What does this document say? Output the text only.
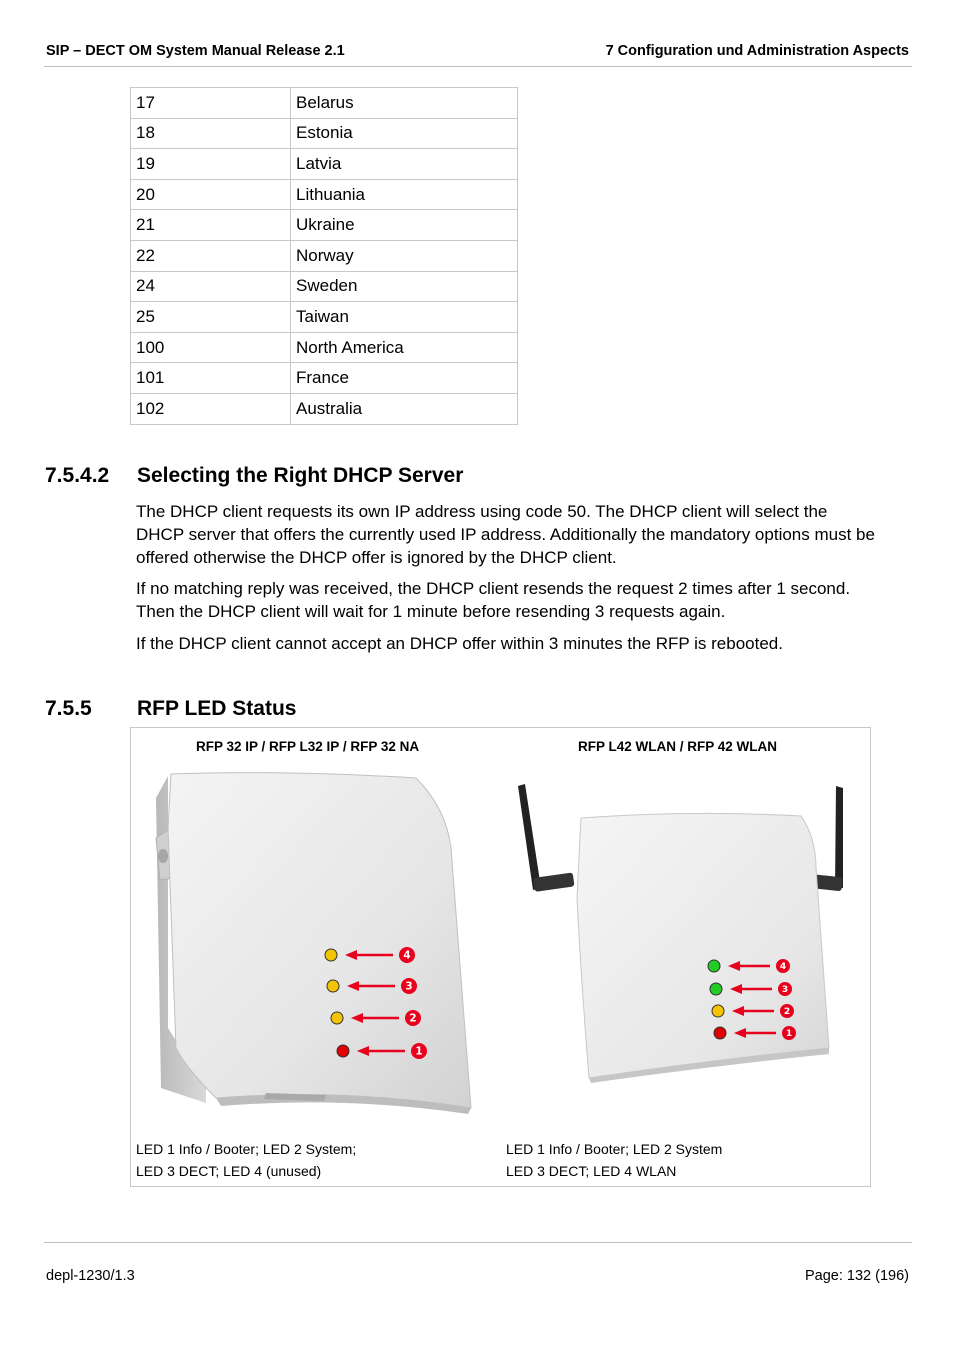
SIP – DECT OM System Manual Release 2.1	7 Configuration und Administration Aspects
17	Belarus
18	Estonia
19	Latvia
20	Lithuania
21	Ukraine
22	Norway
24	Sweden
25	Taiwan
100	North America
101	France
102	Australia
7.5.4.2 Selecting the Right DHCP Server

The DHCP client requests its own IP address using code 50. The DHCP client will select the DHCP server that offers the currently used IP address. Additionally the mandatory options must be offered otherwise the DHCP offer is ignored by the DHCP client.

If no matching reply was received, the DHCP client resends the request 2 times after 1 second. Then the DHCP client will wait for 1 minute before resending 3 requests again.

If the DHCP client cannot accept an DHCP offer within 3 minutes the RFP is rebooted.

7.5.5 RFP LED Status
RFP 32 IP / RFP L32 IP / RFP 32 NA	RFP L42 WLAN / RFP 42 WLAN
4
3
2
1
4
3
2
1
LED 1 Info / Booter; LED 2 System;
LED 3 DECT; LED 4 (unused)
LED 1 Info / Booter; LED 2 System
LED 3 DECT; LED 4 WLAN
depl-1230/1.3	Page: 132 (196)
